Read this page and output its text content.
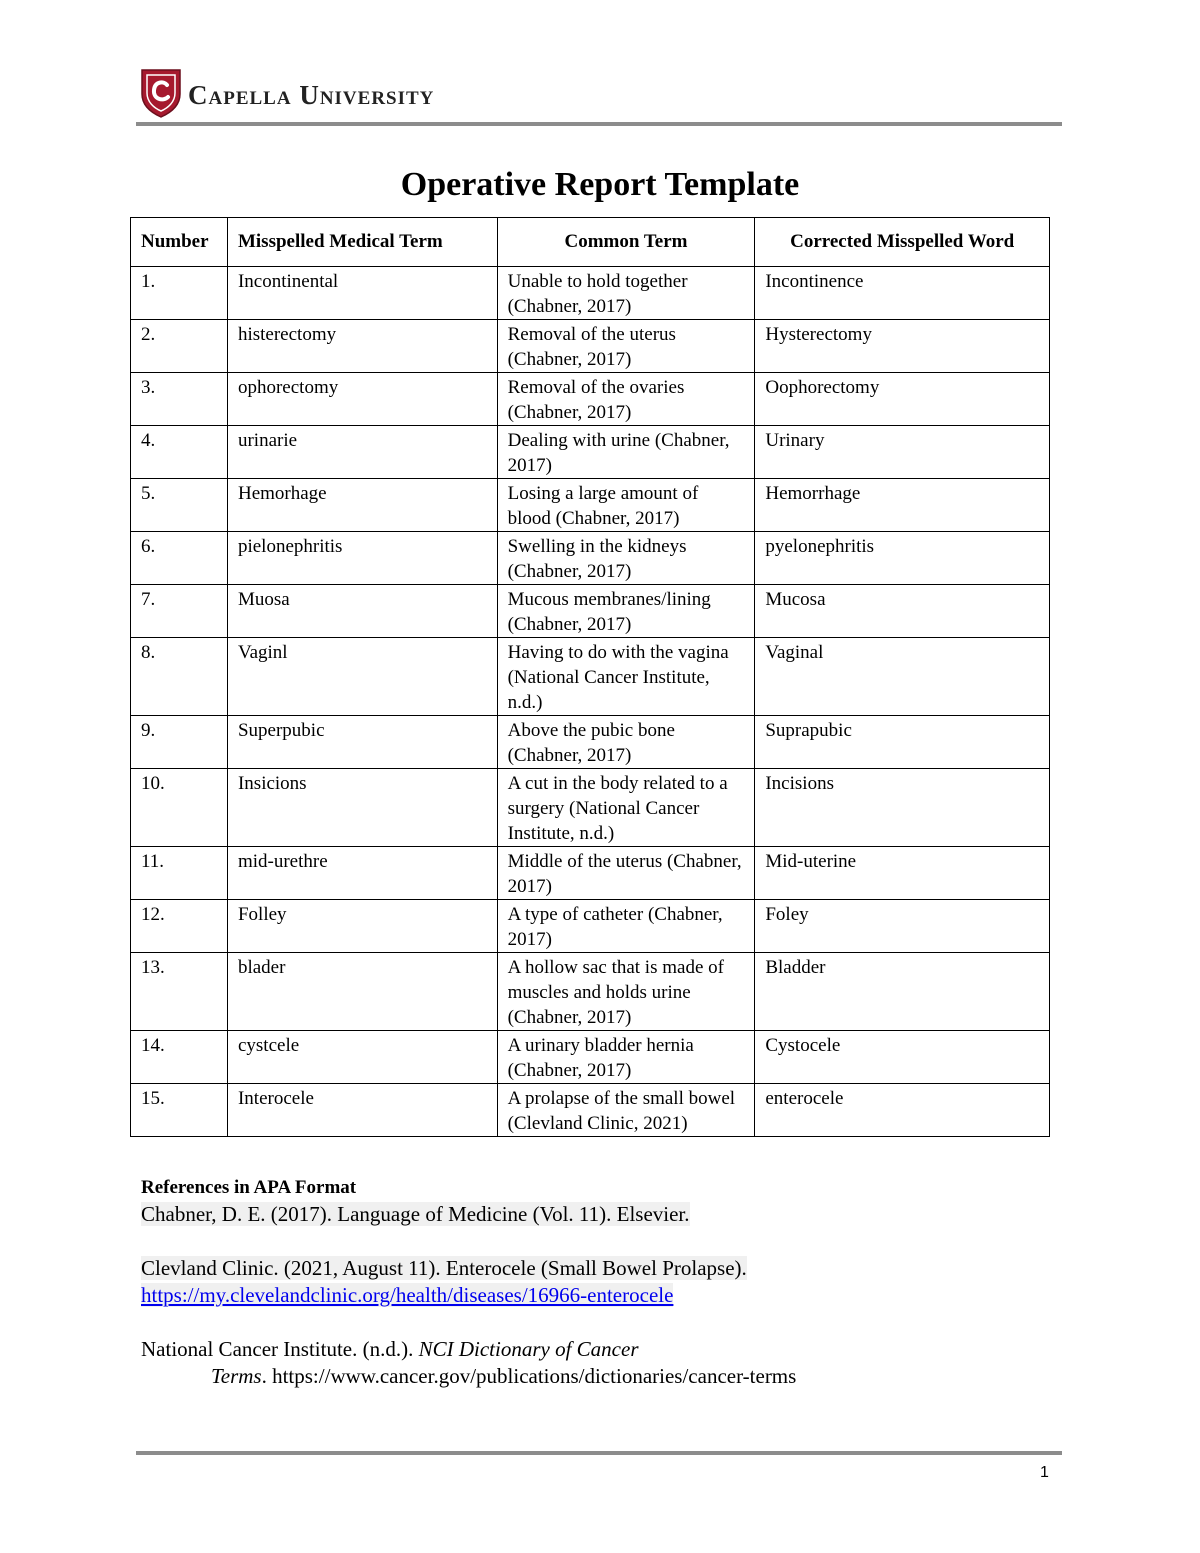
Capella University
Operative Report Template
Number	Misspelled Medical Term	Common Term	Corrected Misspelled Word
1.	Incontinental	Unable to hold together (Chabner, 2017)	Incontinence
2.	histerectomy	Removal of the uterus (Chabner, 2017)	Hysterectomy
3.	ophorectomy	Removal of the ovaries (Chabner, 2017)	Oophorectomy
4.	urinarie	Dealing with urine (Chabner, 2017)	Urinary
5.	Hemorhage	Losing a large amount of blood (Chabner, 2017)	Hemorrhage
6.	pielonephritis	Swelling in the kidneys (Chabner, 2017)	pyelonephritis
7.	Muosa	Mucous membranes/lining (Chabner, 2017)	Mucosa
8.	Vaginl	Having to do with the vagina (National Cancer Institute, n.d.)	Vaginal
9.	Superpubic	Above the pubic bone (Chabner, 2017)	Suprapubic
10.	Insicions	A cut in the body related to a surgery (National Cancer Institute, n.d.)	Incisions
11.	mid-urethre	Middle of the uterus (Chabner, 2017)	Mid-uterine
12.	Folley	A type of catheter (Chabner, 2017)	Foley
13.	blader	A hollow sac that is made of muscles and holds urine (Chabner, 2017)	Bladder
14.	cystcele	A urinary bladder hernia (Chabner, 2017)	Cystocele
15.	Interocele	A prolapse of the small bowel (Clevland Clinic, 2021)	enterocele
References in APA Format
Chabner, D. E. (2017). Language of Medicine (Vol. 11). Elsevier.
Clevland Clinic. (2021, August 11). Enterocele (Small Bowel Prolapse).
https://my.clevelandclinic.org/health/diseases/16966-enterocele
National Cancer Institute. (n.d.). NCI Dictionary of Cancer
Terms. https://www.cancer.gov/publications/dictionaries/cancer-terms
1
